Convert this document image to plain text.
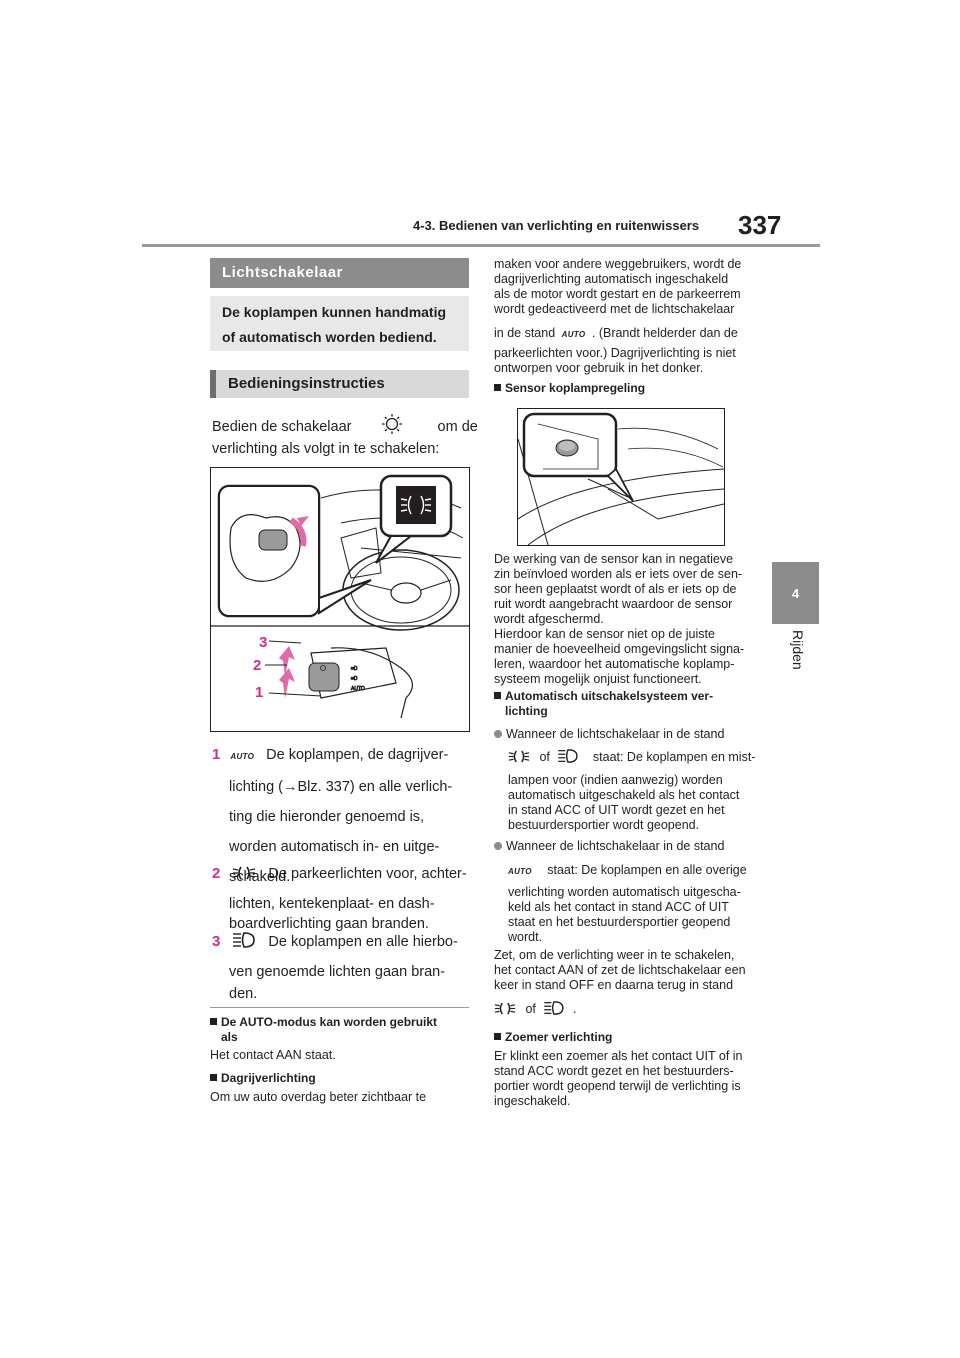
4-3. Bedienen van verlichting en ruitenwissers 337
4
Rijden
Lichtschakelaar
De koplampen kunnen handmatig
of automatisch worden bediend.
Bedieningsinstructies
Bedien de schakelaar	om de
verlichting als volgt in te schakelen:
≡D
≡D
AUTO
3
2
1
1 AUTO De koplampen, de dagrijver-
lichting (→Blz. 337) en alle verlich-
ting die hieronder genoemd is,
worden automatisch in- en uitge-
schakeld.
2	De parkeerlichten voor, achter-
lichten, kentekenplaat- en dash-
boardverlichting gaan branden.
3	De koplampen en alle hierbo-
ven genoemde lichten gaan bran-
den.
De AUTO-modus kan worden gebruikt
als
Het contact AAN staat.
Dagrijverlichting
Om uw auto overdag beter zichtbaar te
maken voor andere weggebruikers, wordt de
dagrijverlichting automatisch ingeschakeld
als de motor wordt gestart en de parkeerrem
wordt gedeactiveerd met de lichtschakelaar
in de stand AUTO . (Brandt helderder dan de
parkeerlichten voor.) Dagrijverlichting is niet
ontworpen voor gebruik in het donker.
Sensor koplampregeling
De werking van de sensor kan in negatieve
zin beïnvloed worden als er iets over de sen-
sor heen geplaatst wordt of als er iets op de
ruit wordt aangebracht waardoor de sensor
wordt afgeschermd.
Hierdoor kan de sensor niet op de juiste
manier de hoeveelheid omgevingslicht signa-
leren, waardoor het automatische koplamp-
systeem mogelijk onjuist functioneert.
Automatisch uitschakelsysteem ver-
lichting
Wanneer de lichtschakelaar in de stand
of	staat: De koplampen en mist-
lampen voor (indien aanwezig) worden
automatisch uitgeschakeld als het contact
in stand ACC of UIT wordt gezet en het
bestuurdersportier wordt geopend.
Wanneer de lichtschakelaar in de stand
AUTO staat: De koplampen en alle overige
verlichting worden automatisch uitgescha-
keld als het contact in stand ACC of UIT
staat en het bestuurdersportier geopend
wordt.
Zet, om de verlichting weer in te schakelen,
het contact AAN of zet de lichtschakelaar een
keer in stand OFF en daarna terug in stand
of	.
Zoemer verlichting
Er klinkt een zoemer als het contact UIT of in
stand ACC wordt gezet en het bestuurders-
portier wordt geopend terwijl de verlichting is
ingeschakeld.
